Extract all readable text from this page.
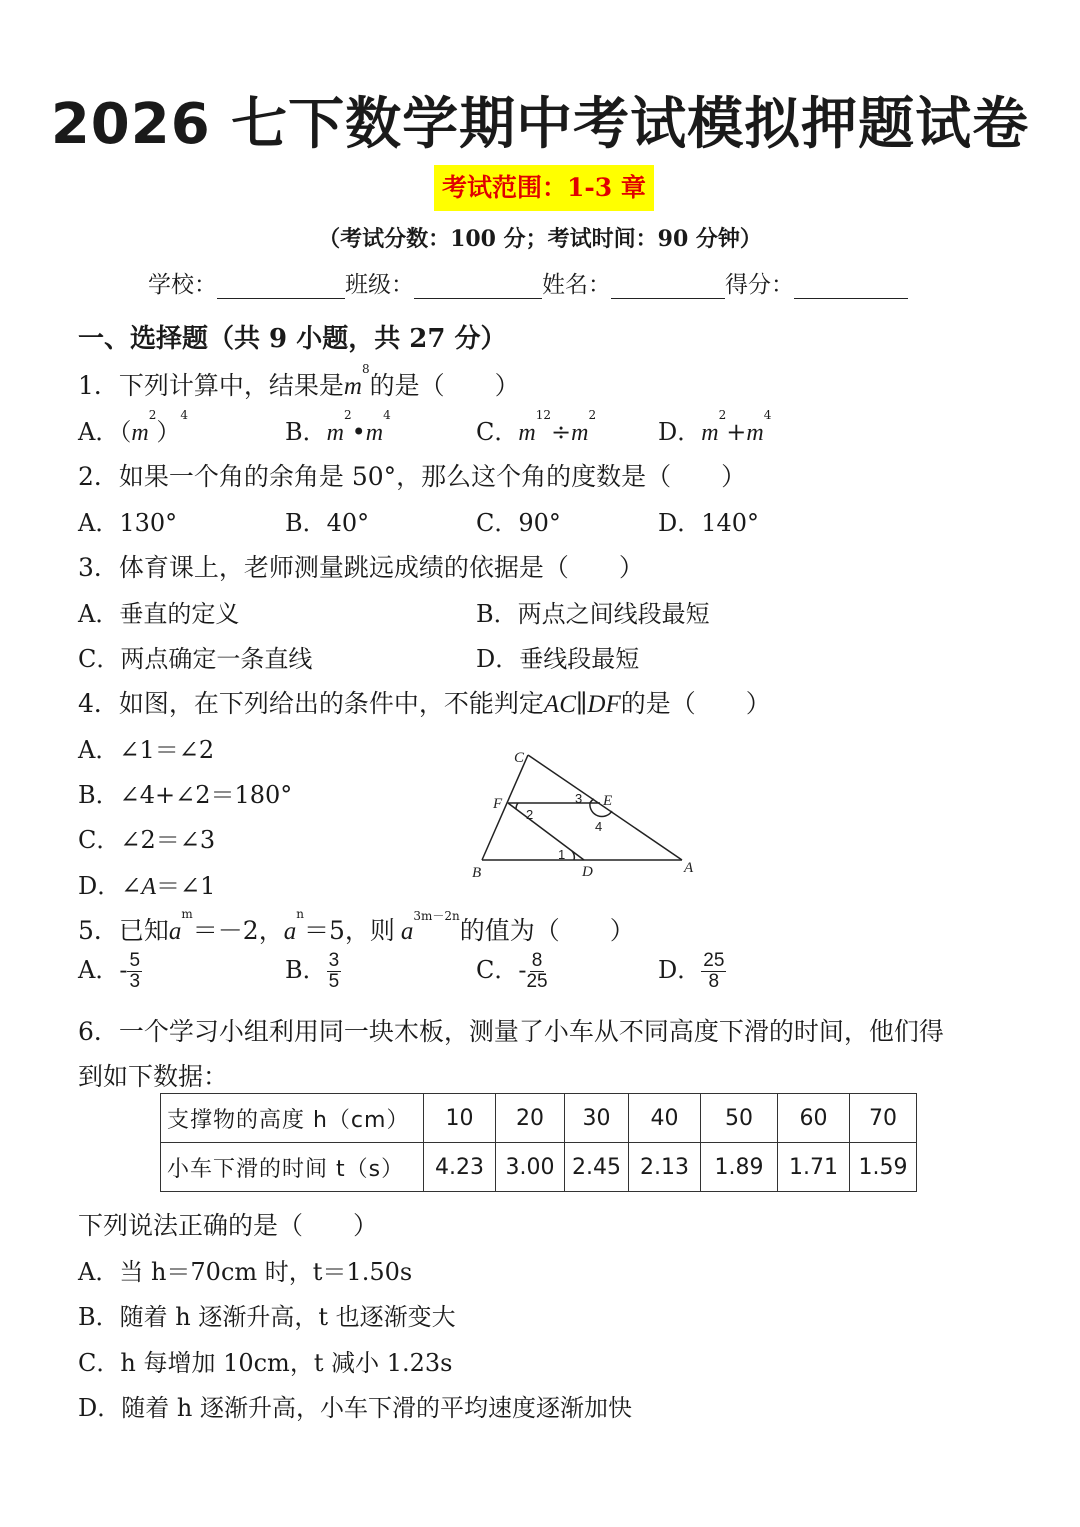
2026 七下数学期中考试模拟押题试卷
考试范围：1-3 章
（考试分数：100 分；考试时间：90 分钟）
学校：	班级：	姓名：	得分：
一、选择题（共 9 小题，共 27 分）
1．下列计算中，结果是$m^8$的是（　　）
A．$(m^2)^4$
B．$m^2•m^4$
C．$m^{12}\div m^2$
D．$m^2+m^4$
2．如果一个角的余角是 50°，那么这个角的度数是（　　）
A．130°	B．40°	C．90°	D．140°
3．体育课上，老师测量跳远成绩的依据是（　　）
A．垂直的定义	B．两点之间线段最短
C．两点确定一条直线	D．垂线段最短
4．如图，在下列给出的条件中，不能判定AC∥DF的是（　　）
A．∠1＝∠2
B．∠4+∠2＝180°
C．∠2＝∠3
D．∠A＝∠1
C
F	E
B	D	A
2
3
4
1
5．已知$a^m=-2$，$a^n=5$，则 $a^{3m-2n}$的值为（　　）
A．- $\frac{5}{3}$	B． $\frac{3}{5}$	C．- $\frac{8}{25}$	D． $\frac{25}{8}$
6．一个学习小组利用同一块木板，测量了小车从不同高度下滑的时间，他们得
到如下数据：
支撑物的高度 h（cm）	10	20	30	40	50	60	70
小车下滑的时间 t（s）	4.23	3.00	2.45	2.13	1.89	1.71	1.59
下列说法正确的是（　　）
A．当 h＝70cm 时，t＝1.50s
B．随着 h 逐渐升高，t 也逐渐变大
C．h 每增加 10cm，t 减小 1.23s
D．随着 h 逐渐升高，小车下滑的平均速度逐渐加快
